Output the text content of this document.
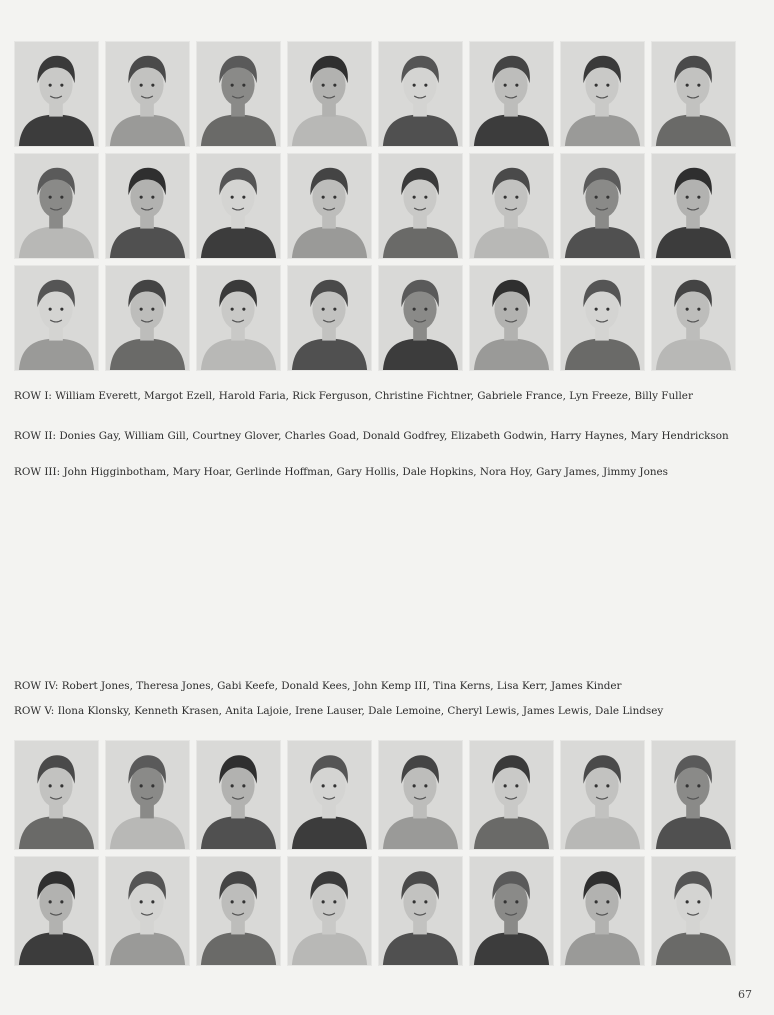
ROW I: William Everett, Margot Ezell, Harold Faria, Rick Ferguson, Christine Fichtner, Gabriele France, Lyn Freeze, Billy Fuller

ROW II: Donies Gay, William Gill, Courtney Glover, Charles Goad, Donald Godfrey, Elizabeth Godwin, Harry Haynes, Mary Hendrickson

ROW III: John Higginbotham, Mary Hoar, Gerlinde Hoffman, Gary Hollis, Dale Hopkins, Nora Hoy, Gary James, Jimmy Jones

ROW IV: Robert Jones, Theresa Jones, Gabi Keefe, Donald Kees, John Kemp III, Tina Kerns, Lisa Kerr, James Kinder

ROW V: Ilona Klonsky, Kenneth Krasen, Anita Lajoie, Irene Lauser, Dale Lemoine, Cheryl Lewis, James Lewis, Dale Lindsey

67
